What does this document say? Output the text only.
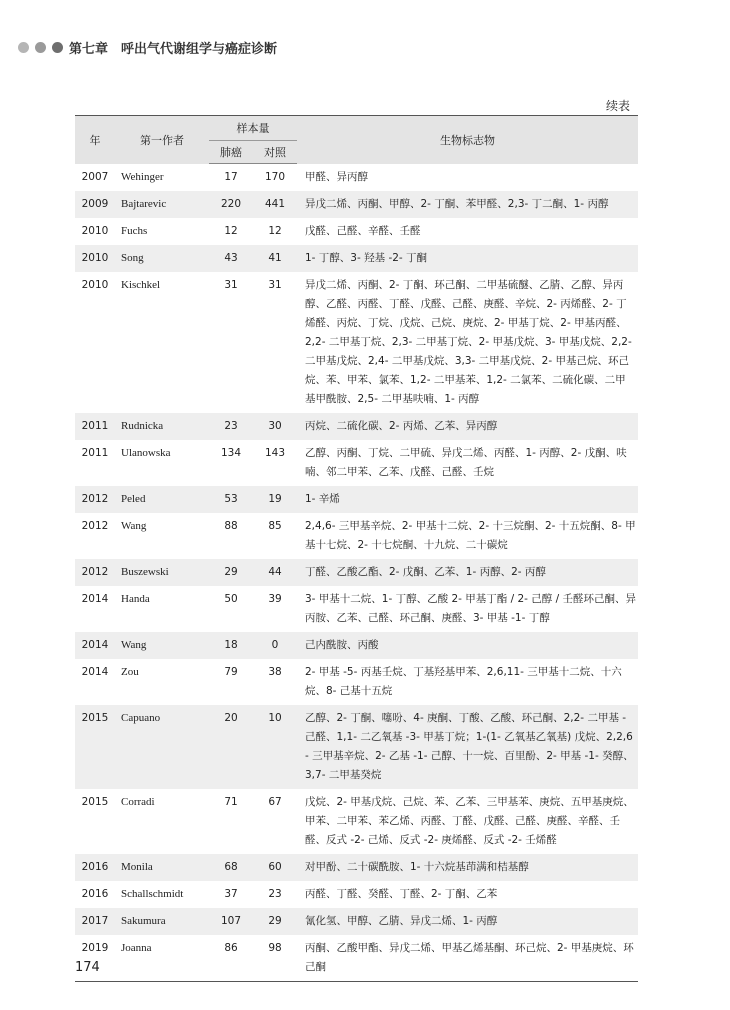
第七章　呼出气代谢组学与癌症诊断
续表
年	第一作者	样本量		生物标志物
		肺癌	对照	
2007	Wehinger	17	170	甲醛、异丙醇
2009	Bajtarevic	220	441	异戊二烯、丙酮、甲醇、2- 丁酮、苯甲醛、2,3- 丁二酮、1- 丙醇
2010	Fuchs	12	12	戊醛、己醛、辛醛、壬醛
2010	Song	43	41	1- 丁醇、3- 羟基 -2- 丁酮
2010	Kischkel	31	31	异戊二烯、丙酮、2- 丁酮、环己酮、二甲基硫醚、乙腈、乙醇、异丙醇、乙醛、丙醛、丁醛、戊醛、己醛、庚醛、辛烷、2- 丙烯醛、2- 丁烯醛、丙烷、丁烷、戊烷、己烷、庚烷、2- 甲基丁烷、2- 甲基丙醛、2,2- 二甲基丁烷、2,3- 二甲基丁烷、2- 甲基戊烷、3- 甲基戊烷、2,2- 二甲基戊烷、2,4- 二甲基戊烷、3,3- 二甲基戊烷、2- 甲基己烷、环己烷、苯、甲苯、氯苯、1,2- 二甲基苯、1,2- 二氯苯、二硫化碳、二甲基甲酰胺、2,5- 二甲基呋喃、1- 丙醇
2011	Rudnicka	23	30	丙烷、二硫化碳、2- 丙烯、乙苯、异丙醇
2011	Ulanowska	134	143	乙醇、丙酮、丁烷、二甲硫、异戊二烯、丙醛、1- 丙醇、2- 戊酮、呋喃、邻二甲苯、乙苯、戊醛、己醛、壬烷
2012	Peled	53	19	1- 辛烯
2012	Wang	88	85	2,4,6- 三甲基辛烷、2- 甲基十二烷、2- 十三烷酮、2- 十五烷酮、8- 甲基十七烷、2- 十七烷酮、十九烷、二十碳烷
2012	Buszewski	29	44	丁醛、乙酸乙酯、2- 戊酮、乙苯、1- 丙醇、2- 丙醇
2014	Handa	50	39	3- 甲基十二烷、1- 丁醇、乙酸 2- 甲基丁酯 / 2- 己醇 / 壬醛环己酮、异丙胺、乙苯、己醛、环己酮、庚醛、3- 甲基 -1- 丁醇
2014	Wang	18	0	己内酰胺、丙酸
2014	Zou	79	38	2- 甲基 -5- 丙基壬烷、丁基羟基甲苯、2,6,11- 三甲基十二烷、十六烷、8- 己基十五烷
2015	Capuano	20	10	乙醇、2- 丁酮、噻吩、4- 庚酮、丁酸、乙酸、环己酮、2,2- 二甲基 - 己醛、1,1- 二乙氧基 -3- 甲基丁烷；1-(1- 乙氧基乙氧基) 戊烷、2,2,6- 三甲基辛烷、2- 乙基 -1- 己醇、十一烷、百里酚、2- 甲基 -1- 癸醇、3,7- 二甲基癸烷
2015	Corradi	71	67	戊烷、2- 甲基戊烷、己烷、苯、乙苯、三甲基苯、庚烷、五甲基庚烷、甲苯、二甲苯、苯乙烯、丙醛、丁醛、戊醛、己醛、庚醛、辛醛、壬醛、反式 -2- 己烯、反式 -2- 庚烯醛、反式 -2- 壬烯醛
2016	Monila	68	60	对甲酚、二十碳酰胺、1- 十六烷基茚满和桔基醇
2016	Schallschmidt	37	23	丙醛、丁醛、癸醛、丁醛、2- 丁酮、乙苯
2017	Sakumura	107	29	氰化氢、甲醇、乙腈、异戊二烯、1- 丙醇
2019	Joanna	86	98	丙酮、乙酸甲酯、异戊二烯、甲基乙烯基酮、环己烷、2- 甲基庚烷、环己酮
174
